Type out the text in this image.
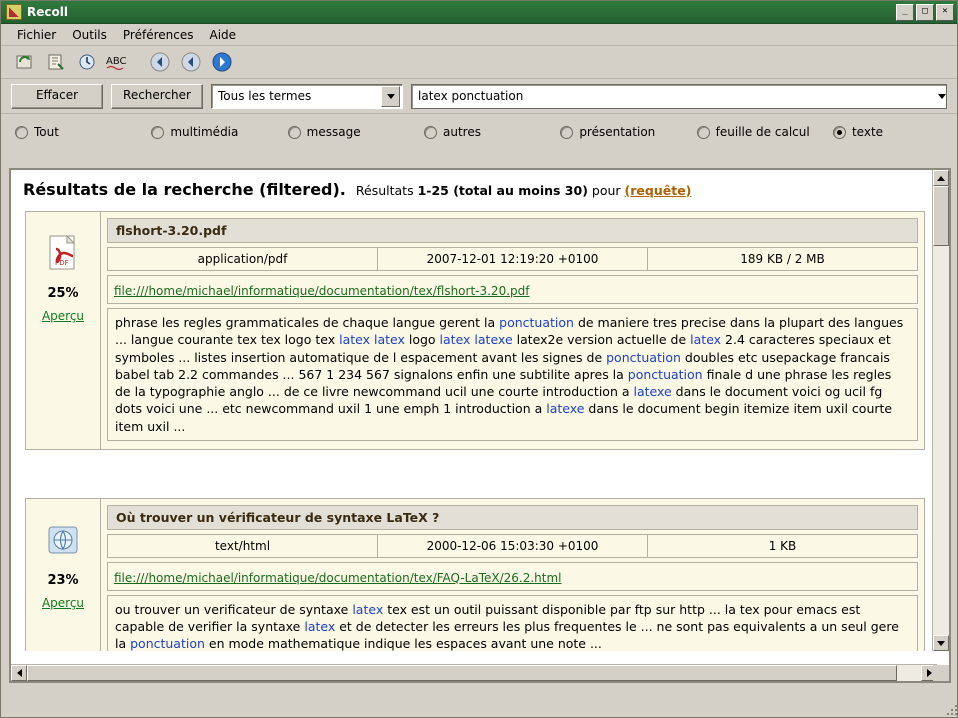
Recoll	_	□	✕
Fichier	Outils	Préférences	Aide
ABC
Effacer	Rechercher	Tous les termes	latex ponctuation
Tout	multimédia	message	autres	présentation	feuille de calcul	texte
Résultats de la recherche (filtered). Résultats 1-25 (total au moins 30) pour (requête)
PDF
25%
Aperçu
flshort-3.20.pdf
application/pdf	2007-12-01 12:19:20 +0100	189 KB / 2 MB
file:///home/michael/informatique/documentation/tex/flshort-3.20.pdf
phrase les regles grammaticales de chaque langue gerent la ponctuation de maniere tres precise dans la plupart des langues ... langue courante tex tex logo tex latex latex logo latex latexe latex2e version actuelle de latex 2.4 caracteres speciaux et symboles ... listes insertion automatique de l espacement avant les signes de ponctuation doubles etc usepackage francais babel tab 2.2 commandes ... 567 1 234 567 signalons enfin une subtilite apres la ponctuation finale d une phrase les regles de la typographie anglo ... de ce livre newcommand ucil une courte introduction a latexe dans le document voici og ucil fg dots voici une ... etc newcommand uxil 1 une emph 1 introduction a latexe dans le document begin itemize item uxil courte item uxil ...
23%
Aperçu
Où trouver un vérificateur de syntaxe LaTeX ?
text/html	2000-12-06 15:03:30 +0100	1 KB
file:///home/michael/informatique/documentation/tex/FAQ-LaTeX/26.2.html
ou trouver un verificateur de syntaxe latex tex est un outil puissant disponible par ftp sur http ... la tex pour emacs est capable de verifier la syntaxe latex et de detecter les erreurs les plus frequentes le ... ne sont pas equivalents a un seul gere la ponctuation en mode mathematique indique les espaces avant une note ...
